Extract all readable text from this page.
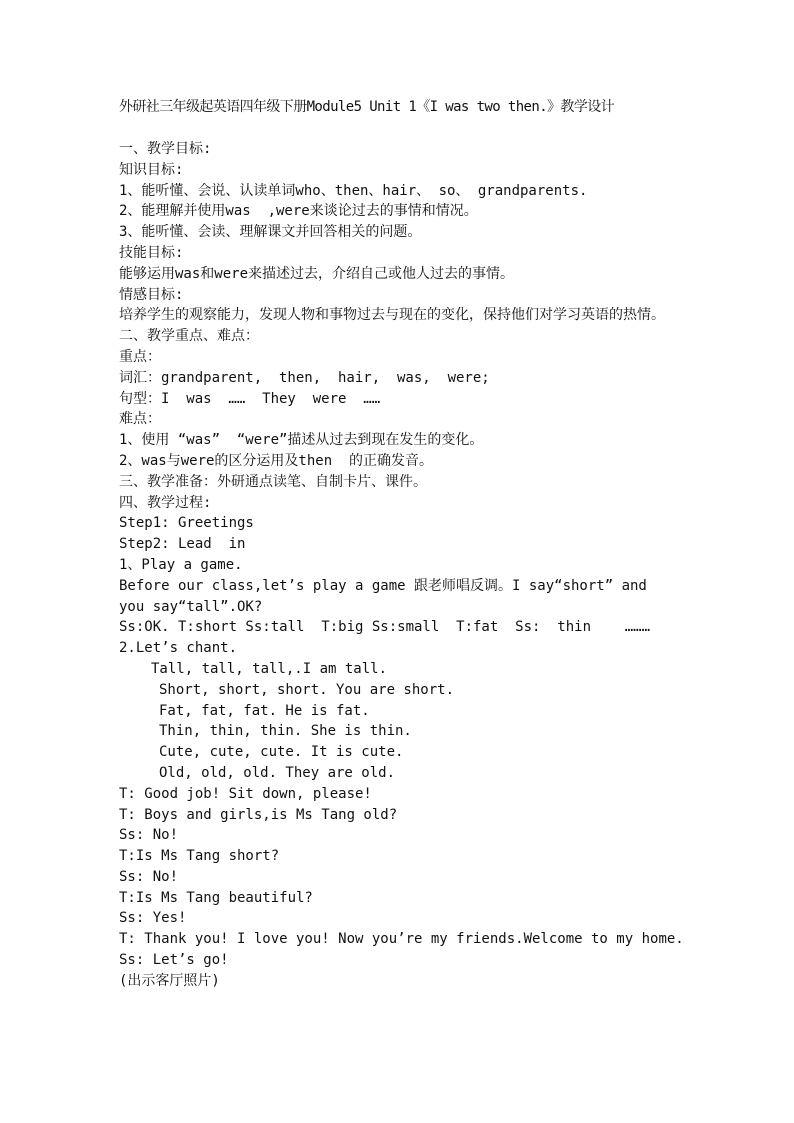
外研社三年级起英语四年级下册Module5 Unit 1《I was two then.》教学设计
一、教学目标:
知识目标:
1、能听懂、会说、认读单词who、then、hair、 so、 grandparents.
2、能理解并使用was  ,were来谈论过去的事情和情况。
3、能听懂、会读、理解课文并回答相关的问题。
技能目标:
能够运用was和were来描述过去，介绍自己或他人过去的事情。
情感目标:
培养学生的观察能力，发现人物和事物过去与现在的变化，保持他们对学习英语的热情。
二、教学重点、难点：
重点：
词汇：grandparent,  then,  hair,  was,  were;
句型：I  was  ……  They  were  ……
难点：
1、使用 “was”  “were”描述从过去到现在发生的变化。
2、was与were的区分运用及then  的正确发音。
三、教学准备：外研通点读笔、自制卡片、课件。
四、教学过程:
Step1: Greetings
Step2: Lead  in
1、Play a game.
Before our class,let’s play a game 跟老师唱反调。I say“short” and you say“tall”.OK?
Ss:OK. T:short Ss:tall  T:big Ss:small  T:fat  Ss:  thin    ………
2.Let’s chant.
Tall, tall, tall,.I am tall.
Short, short, short. You are short.
Fat, fat, fat. He is fat.
Thin, thin, thin. She is thin.
Cute, cute, cute. It is cute.
Old, old, old. They are old.
T: Good job! Sit down, please!
T: Boys and girls,is Ms Tang old?
Ss: No!
T:Is Ms Tang short?
Ss: No!
T:Is Ms Tang beautiful?
Ss: Yes!
T: Thank you! I love you! Now you’re my friends.Welcome to my home.
Ss: Let’s go!
(出示客厅照片)
